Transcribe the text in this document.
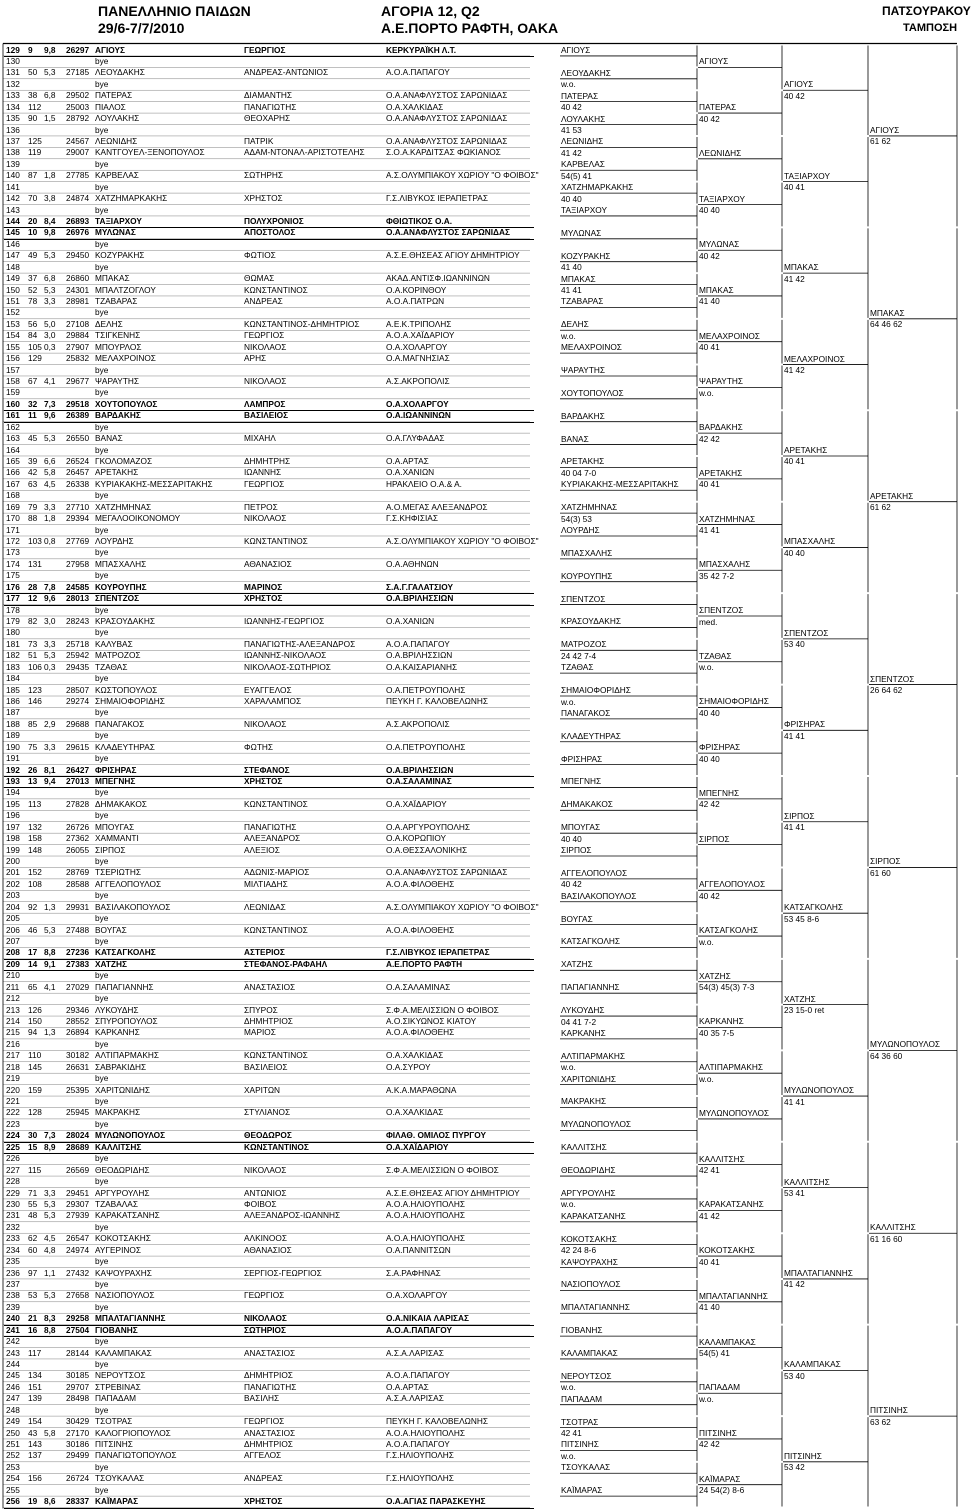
ΠΑΝΕΛΛΗΝΙΟ ΠΑΙΔΩΝ
29/6-7/7/2010
ΑΓΟΡΙΑ 12, Q2
Α.Ε.ΠΟΡΤΟ ΡΑΦΤΗ, ΟΑΚΑ
ΠΑΤΣΟΥΡΑΚΟΥ
ΤΑΜΠΟΣΗ
129 9	9,8	26297 ΑΓΙΟΥΣ	ΓΕΩΡΓΙΟΣ	ΚΕΡΚΥΡΑΪΚΗ Λ.Τ.
130	bye
131 50 5,3	27185 ΛΕΟΥΔΑΚΗΣ	ΑΝΔΡΕΑΣ-ΑΝΤΩΝΙΟΣ	Α.Ο.Α.ΠΑΠΑΓΟΥ
132	bye
133 38 6,8	29502 ΠΑΤΕΡΑΣ	ΔΙΑΜΑΝΤΗΣ	Ο.Α.ΑΝΑΦΛΥΣΤΟΣ ΣΑΡΩΝΙΔΑΣ
134 112	25003 ΠΙΑΛΟΣ	ΠΑΝΑΓΙΩΤΗΣ	Ο.Α.ΧΑΛΚΙΔΑΣ
135 90 1,5	28792 ΛΟΥΛΑΚΗΣ	ΘΕΟΧΑΡΗΣ	Ο.Α.ΑΝΑΦΛΥΣΤΟΣ ΣΑΡΩΝΙΔΑΣ
136	bye
137 125	24567 ΛΕΩΝΙΔΗΣ	ΠΑΤΡΙΚ	Ο.Α.ΑΝΑΦΛΥΣΤΟΣ ΣΑΡΩΝΙΔΑΣ
138 119	29007 ΚΑΝΤΓΟΥΕΛ-ΞΕΝΟΠΟΥΛΟΣ	ΑΔΑΜ-ΝΤΟΝΑΛ-ΑΡΙΣΤΟΤΕΛΗΣ	Σ.Ο.Α.ΚΑΡΔΙΤΣΑΣ ΦΩΚΙΑΝΟΣ
139	bye
140 87 1,8	27785 ΚΑΡΒΕΛΑΣ	ΣΩΤΗΡΗΣ	Α.Σ.ΟΛΥΜΠΙΑΚΟΥ ΧΩΡΙΟΥ "Ο ΦΟΙΒΟΣ"
141	bye
142 70 3,8	24874 ΧΑΤΖΗΜΑΡΚΑΚΗΣ	ΧΡΗΣΤΟΣ	Γ.Σ.ΛΙΒΥΚΟΣ ΙΕΡΑΠΕΤΡΑΣ
143	bye
144 20 8,4	26893 ΤΑΞΙΑΡΧΟΥ	ΠΟΛΥΧΡΟΝΙΟΣ	ΦΘΙΩΤΙΚΟΣ Ο.Α.
145 10 9,8	26976 ΜΥΛΩΝΑΣ	ΑΠΟΣΤΟΛΟΣ	Ο.Α.ΑΝΑΦΛΥΣΤΟΣ ΣΑΡΩΝΙΔΑΣ
146	bye
147 49 5,3	29450 ΚΟΖΥΡΑΚΗΣ	ΦΩΤΙΟΣ	Α.Σ.Ε.ΘΗΣΕΑΣ ΑΓΙΟΥ ΔΗΜΗΤΡΙΟΥ
148	bye
149 37 6,8	26860 ΜΠΑΚΑΣ	ΘΩΜΑΣ	ΑΚΑΔ.ΑΝΤΙΣΦ.ΙΩΑΝΝΙΝΩΝ
150 52 5,3	24301 ΜΠΑΛΤΖΟΓΛΟΥ	ΚΩΝΣΤΑΝΤΙΝΟΣ	Ο.Α.ΚΟΡΙΝΘΟΥ
151 78 3,3	28981 ΤΖΑΒΑΡΑΣ	ΑΝΔΡΕΑΣ	Α.Ο.Α.ΠΑΤΡΩΝ
152	bye
153 56 5,0	27108 ΔΕΛΗΣ	ΚΩΝΣΤΑΝΤΙΝΟΣ-ΔΗΜΗΤΡΙΟΣ	Α.Ε.Κ.ΤΡΙΠΟΛΗΣ
154 84 3,0	29884 ΤΣΙΓΚΕΝΗΣ	ΓΕΩΡΓΙΟΣ	Α.Ο.Α.ΧΑΪΔΑΡΙΟΥ
155 105 0,3	27907 ΜΠΟΥΡΛΟΣ	ΝΙΚΟΛΑΟΣ	Ο.Α.ΧΟΛΑΡΓΟΥ
156 129	25832 ΜΕΛΑΧΡΟΙΝΟΣ	ΑΡΗΣ	Ο.Α.ΜΑΓΝΗΣΙΑΣ
157	bye
158 67 4,1	29677 ΨΑΡΑΥΤΗΣ	ΝΙΚΟΛΑΟΣ	Α.Σ.ΑΚΡΟΠΟΛΙΣ
159	bye
160 32 7,3	29518 ΧΟΥΤΟΠΟΥΛΟΣ	ΛΑΜΠΡΟΣ	Ο.Α.ΧΟΛΑΡΓΟΥ
161 11 9,6	26389 ΒΑΡΔΑΚΗΣ	ΒΑΣΙΛΕΙΟΣ	Ο.Α.ΙΩΑΝΝΙΝΩΝ
162	bye
163 45 5,3	26550 ΒΑΝΑΣ	ΜΙΧΑΗΛ	Ο.Α.ΓΛΥΦΑΔΑΣ
164	bye
165 39 6,6	26524 ΓΚΟΛΟΜΑΖΟΣ	ΔΗΜΗΤΡΗΣ	Ο.Α.ΑΡΤΑΣ
166 42 5,8	26457 ΑΡΕΤΑΚΗΣ	ΙΩΑΝΝΗΣ	Ο.Α.ΧΑΝΙΩΝ
167 63 4,5	26338 ΚΥΡΙΑΚΑΚΗΣ-ΜΕΣΣΑΡΙΤΑΚΗΣ	ΓΕΩΡΓΙΟΣ	ΗΡΑΚΛΕΙΟ Ο.Α.& Α.
168	bye
169 79 3,3	27710 ΧΑΤΖΗΜΗΝΑΣ	ΠΕΤΡΟΣ	Α.Ο.ΜΕΓΑΣ ΑΛΕΞΑΝΔΡΟΣ
170 88 1,8	29394 ΜΕΓΑΛΟΟΙΚΟΝΟΜΟΥ	ΝΙΚΟΛΑΟΣ	Γ.Σ.ΚΗΦΙΣΙΑΣ
171	bye
172 103 0,8	27769 ΛΟΥΡΔΗΣ	ΚΩΝΣΤΑΝΤΙΝΟΣ	Α.Σ.ΟΛΥΜΠΙΑΚΟΥ ΧΩΡΙΟΥ "Ο ΦΟΙΒΟΣ"
173	bye
174 131	27958 ΜΠΑΣΧΑΛΗΣ	ΑΘΑΝΑΣΙΟΣ	Ο.Α.ΑΘΗΝΩΝ
175	bye
176 28 7,8	24585 ΚΟΥΡΟΥΠΗΣ	ΜΑΡΙΝΟΣ	Σ.Α.Γ.ΓΑΛΑΤΣΙΟΥ
177 12 9,6	28013 ΣΠΕΝΤΖΟΣ	ΧΡΗΣΤΟΣ	Ο.Α.ΒΡΙΛΗΣΣΙΩΝ
178	bye
179 82 3,0	28243 ΚΡΑΣΟΥΔΑΚΗΣ	ΙΩΑΝΝΗΣ-ΓΕΩΡΓΙΟΣ	Ο.Α.ΧΑΝΙΩΝ
180	bye
181 73 3,3	25718 ΚΑΛΥΒΑΣ	ΠΑΝΑΓΙΩΤΗΣ-ΑΛΕΞΑΝΔΡΟΣ	Α.Ο.Α.ΠΑΠΑΓΟΥ
182 51 5,3	25942 ΜΑΤΡΟΖΟΣ	ΙΩΑΝΝΗΣ-ΝΙΚΟΛΑΟΣ	Ο.Α.ΒΡΙΛΗΣΣΙΩΝ
183 106 0,3	29435 ΤΖΑΘΑΣ	ΝΙΚΟΛΑΟΣ-ΣΩΤΗΡΙΟΣ	Ο.Α.ΚΑΙΣΑΡΙΑΝΗΣ
184	bye
185 123	28507 ΚΩΣΤΟΠΟΥΛΟΣ	ΕΥΑΓΓΕΛΟΣ	Ο.Α.ΠΕΤΡΟΥΠΟΛΗΣ
186 146	29274 ΣΗΜΑΙΟΦΟΡΙΔΗΣ	ΧΑΡΑΛΑΜΠΟΣ	ΠΕΥΚΗ Γ. ΚΑΛΟΒΕΛΩΝΗΣ
187	bye
188 85 2,9	29688 ΠΑΝΑΓΑΚΟΣ	ΝΙΚΟΛΑΟΣ	Α.Σ.ΑΚΡΟΠΟΛΙΣ
189	bye
190 75 3,3	29615 ΚΛΑΔΕΥΤΗΡΑΣ	ΦΩΤΗΣ	Ο.Α.ΠΕΤΡΟΥΠΟΛΗΣ
191	bye
192 26 8,1	26427 ΦΡΙΣΗΡΑΣ	ΣΤΕΦΑΝΟΣ	Ο.Α.ΒΡΙΛΗΣΣΙΩΝ
193 13 9,4	27013 ΜΠΕΓΝΗΣ	ΧΡΗΣΤΟΣ	Ο.Α.ΣΑΛΑΜΙΝΑΣ
194	bye
195 113	27828 ΔΗΜΑΚΑΚΟΣ	ΚΩΝΣΤΑΝΤΙΝΟΣ	Ο.Α.ΧΑΪΔΑΡΙΟΥ
196	bye
197 132	26726 ΜΠΟΥΓΑΣ	ΠΑΝΑΓΙΩΤΗΣ	Ο.Α.ΑΡΓΥΡΟΥΠΟΛΗΣ
198 158	27362 ΧΑΜΜΑΝΤΙ	ΑΛΕΞΑΝΔΡΟΣ	Ο.Α.ΚΟΡΩΠΙΟΥ
199 148	26055 ΣΙΡΠΟΣ	ΑΛΕΞΙΟΣ	Ο.Α.ΘΕΣΣΑΛΟΝΙΚΗΣ
200	bye
201 152	28769 ΤΣΕΡΙΩΤΗΣ	ΑΔΩΝΙΣ-ΜΑΡΙΟΣ	Ο.Α.ΑΝΑΦΛΥΣΤΟΣ ΣΑΡΩΝΙΔΑΣ
202 108	28588 ΑΓΓΕΛΟΠΟΥΛΟΣ	ΜΙΛΤΙΑΔΗΣ	Α.Ο.Α.ΦΙΛΟΘΕΗΣ
203	bye
204 92 1,3	29931 ΒΑΣΙΛΑΚΟΠΟΥΛΟΣ	ΛΕΩΝΙΔΑΣ	Α.Σ.ΟΛΥΜΠΙΑΚΟΥ ΧΩΡΙΟΥ "Ο ΦΟΙΒΟΣ"
205	bye
206 46 5,3	27488 ΒΟΥΓΑΣ	ΚΩΝΣΤΑΝΤΙΝΟΣ	Α.Ο.Α.ΦΙΛΟΘΕΗΣ
207	bye
208 17 8,8	27236 ΚΑΤΣΑΓΚΟΛΗΣ	ΑΣΤΕΡΙΟΣ	Γ.Σ.ΛΙΒΥΚΟΣ ΙΕΡΑΠΕΤΡΑΣ
209 14 9,1	27383 ΧΑΤΖΗΣ	ΣΤΕΦΑΝΟΣ-ΡΑΦΑΗΛ	Α.Ε.ΠΟΡΤΟ ΡΑΦΤΗ
210	bye
211	65 4,1	27029 ΠΑΠΑΓΙΑΝΝΗΣ	ΑΝΑΣΤΑΣΙΟΣ	Ο.Α.ΣΑΛΑΜΙΝΑΣ
212	bye
213 126	29346 ΛΥΚΟΥΔΗΣ	ΣΠΥΡΟΣ	Σ.Φ.Α.ΜΕΛΙΣΣΙΩΝ Ο ΦΟΙΒΟΣ
214 150	28552 ΣΠΥΡΟΠΟΥΛΟΣ	ΔΗΜΗΤΡΙΟΣ	Α.Ο.ΣΙΚΥΩΝΟΣ ΚΙΑΤΟΥ
215 94 1,3	26894 ΚΑΡΚΑΝΗΣ	ΜΑΡΙΟΣ	Α.Ο.Α.ΦΙΛΟΘΕΗΣ
216	bye
217 110	30182 ΑΛΤΙΠΑΡΜΑΚΗΣ	ΚΩΝΣΤΑΝΤΙΝΟΣ	Ο.Α.ΧΑΛΚΙΔΑΣ
218 145	26631 ΣΑΒΡΑΚΙΔΗΣ	ΒΑΣΙΛΕΙΟΣ	Ο.Α.ΣΥΡΟΥ
219	bye
220 159	25395 ΧΑΡΙΤΩΝΙΔΗΣ	ΧΑΡΙΤΩΝ	Α.Κ.Α.ΜΑΡΑΘΩΝΑ
221	bye
222 128	25945 ΜΑΚΡΑΚΗΣ	ΣΤΥΛΙΑΝΟΣ	Ο.Α.ΧΑΛΚΙΔΑΣ
223	bye
224 30 7,3	28024 ΜΥΛΩΝΟΠΟΥΛΟΣ	ΘΕΟΔΩΡΟΣ	ΦΙΛΑΘ. ΟΜΙΛΟΣ ΠΥΡΓΟΥ
225 15 8,9	28689 ΚΑΛΛΙΤΣΗΣ	ΚΩΝΣΤΑΝΤΙΝΟΣ	Ο.Α.ΧΑΪΔΑΡΙΟΥ
226	bye
227 115	26569 ΘΕΟΔΩΡΙΔΗΣ	ΝΙΚΟΛΑΟΣ	Σ.Φ.Α.ΜΕΛΙΣΣΙΩΝ Ο ΦΟΙΒΟΣ
228	bye
229 71 3,3	29451 ΑΡΓΥΡΟΥΛΗΣ	ΑΝΤΩΝΙΟΣ	Α.Σ.Ε.ΘΗΣΕΑΣ ΑΓΙΟΥ ΔΗΜΗΤΡΙΟΥ
230 55 5,3	29307 ΤΖΑΒΑΛΑΣ	ΦΟΙΒΟΣ	Α.Ο.Α.ΗΛΙΟΥΠΟΛΗΣ
231 48 5,3	27939 ΚΑΡΑΚΑΤΣΑΝΗΣ	ΑΛΕΞΑΝΔΡΟΣ-ΙΩΑΝΝΗΣ	Α.Ο.Α.ΗΛΙΟΥΠΟΛΗΣ
232	bye
233 62 4,5	26547 ΚΟΚΟΤΣΑΚΗΣ	ΑΛΚΙΝΟΟΣ	Α.Ο.Α.ΗΛΙΟΥΠΟΛΗΣ
234 60 4,8	24974 ΑΥΓΕΡΙΝΟΣ	ΑΘΑΝΑΣΙΟΣ	Ο.Α.ΠΑΝΝΙΤΣΩΝ
235	bye
236 97 1,1	27432 ΚΑΨΟΥΡΑΧΗΣ	ΣΕΡΓΙΟΣ-ΓΕΩΡΓΙΟΣ	Σ.Α.ΡΑΦΗΝΑΣ
237	bye
238 53 5,3	27658 ΝΑΣΙΟΠΟΥΛΟΣ	ΓΕΩΡΓΙΟΣ	Ο.Α.ΧΟΛΑΡΓΟΥ
239	bye
240 21 8,3	29258 ΜΠΑΛΤΑΓΙΑΝΝΗΣ	ΝΙΚΟΛΑΟΣ	Ο.Α.ΝΙΚΑΙΑ ΛΑΡΙΣΑΣ
241 16 8,8	27504 ΓΙΟΒΑΝΗΣ	ΣΩΤΗΡΙΟΣ	Α.Ο.Α.ΠΑΠΑΓΟΥ
242	bye
243 117	28144 ΚΑΛΑΜΠΑΚΑΣ	ΑΝΑΣΤΑΣΙΟΣ	Α.Σ.Α.ΛΑΡΙΣΑΣ
244	bye
245 134	30185 ΝΕΡΟΥΤΣΟΣ	ΔΗΜΗΤΡΙΟΣ	Α.Ο.Α.ΠΑΠΑΓΟΥ
246 151	29707 ΣΤΡΕΒΙΝΑΣ	ΠΑΝΑΓΙΩΤΗΣ	Ο.Α.ΑΡΤΑΣ
247 139	28498 ΠΑΠΑΔΑΜ	ΒΑΣΙΛΗΣ	Α.Σ.Α.ΛΑΡΙΣΑΣ
248	bye
249 154	30429 ΤΣΟΤΡΑΣ	ΓΕΩΡΓΙΟΣ	ΠΕΥΚΗ Γ. ΚΑΛΟΒΕΛΩΝΗΣ
250 43 5,8	27170 ΚΑΛΟΓΡΙΟΠΟΥΛΟΣ	ΑΝΑΣΤΑΣΙΟΣ	Α.Ο.Α.ΗΛΙΟΥΠΟΛΗΣ
251 143	30186 ΠΙΤΣΙΝΗΣ	ΔΗΜΗΤΡΙΟΣ	Α.Ο.Α.ΠΑΠΑΓΟΥ
252 137	29499 ΠΑΝΑΓΙΩΤΟΠΟΥΛΟΣ	ΑΓΓΕΛΟΣ	Γ.Σ.ΗΛΙΟΥΠΟΛΗΣ
253	bye
254 156	26724 ΤΣΟΥΚΑΛΑΣ	ΑΝΔΡΕΑΣ	Γ.Σ.ΗΛΙΟΥΠΟΛΗΣ
255	bye
256 19 8,6	28337 ΚΑΪΜΑΡΑΣ	ΧΡΗΣΤΟΣ	Ο.Α.ΑΓΙΑΣ ΠΑΡΑΣΚΕΥΗΣ
ΑΓΙΟΥΣ
ΛΕΟΥΔΑΚΗΣ
w.o.
ΠΑΤΕΡΑΣ
40 42
ΛΟΥΛΑΚΗΣ
41 53
ΛΕΩΝΙΔΗΣ
41 42
ΚΑΡΒΕΛΑΣ
54(5) 41
ΧΑΤΖΗΜΑΡΚΑΚΗΣ
40 40
ΤΑΞΙΑΡΧΟΥ
ΜΥΛΩΝΑΣ
ΚΟΖΥΡΑΚΗΣ
41 40
ΜΠΑΚΑΣ
41 41
ΤΖΑΒΑΡΑΣ
ΔΕΛΗΣ
w.o.
ΜΕΛΑΧΡΟΙΝΟΣ
ΨΑΡΑΥΤΗΣ
ΧΟΥΤΟΠΟΥΛΟΣ
ΒΑΡΔΑΚΗΣ
ΒΑΝΑΣ
ΑΡΕΤΑΚΗΣ
40 04 7-0
ΚΥΡΙΑΚΑΚΗΣ-ΜΕΣΣΑΡΙΤΑΚΗΣ
ΧΑΤΖΗΜΗΝΑΣ
54(3) 53
ΛΟΥΡΔΗΣ
ΜΠΑΣΧΑΛΗΣ
ΚΟΥΡΟΥΠΗΣ
ΣΠΕΝΤΖΟΣ
ΚΡΑΣΟΥΔΑΚΗΣ
ΜΑΤΡΟΖΟΣ
24 42 7-4
ΤΖΑΘΑΣ
ΣΗΜΑΙΟΦΟΡΙΔΗΣ
w.o.
ΠΑΝΑΓΑΚΟΣ
ΚΛΑΔΕΥΤΗΡΑΣ
ΦΡΙΣΗΡΑΣ
ΜΠΕΓΝΗΣ
ΔΗΜΑΚΑΚΟΣ
ΜΠΟΥΓΑΣ
40 40
ΣΙΡΠΟΣ
ΑΓΓΕΛΟΠΟΥΛΟΣ
40 42
ΒΑΣΙΛΑΚΟΠΟΥΛΟΣ
ΒΟΥΓΑΣ
ΚΑΤΣΑΓΚΟΛΗΣ
ΧΑΤΖΗΣ
ΠΑΠΑΓΙΑΝΝΗΣ
ΛΥΚΟΥΔΗΣ
04 41 7-2
ΚΑΡΚΑΝΗΣ
ΑΛΤΙΠΑΡΜΑΚΗΣ
w.o.
ΧΑΡΙΤΩΝΙΔΗΣ
ΜΑΚΡΑΚΗΣ
ΜΥΛΩΝΟΠΟΥΛΟΣ
ΚΑΛΛΙΤΣΗΣ
ΘΕΟΔΩΡΙΔΗΣ
ΑΡΓΥΡΟΥΛΗΣ
w.o.
ΚΑΡΑΚΑΤΣΑΝΗΣ
ΚΟΚΟΤΣΑΚΗΣ
42 24 8-6
ΚΑΨΟΥΡΑΧΗΣ
ΝΑΣΙΟΠΟΥΛΟΣ
ΜΠΑΛΤΑΓΙΑΝΝΗΣ
ΓΙΟΒΑΝΗΣ
ΚΑΛΑΜΠΑΚΑΣ
ΝΕΡΟΥΤΣΟΣ
w.o.
ΠΑΠΑΔΑΜ
ΤΣΟΤΡΑΣ
42 41
ΠΙΤΣΙΝΗΣ
w.o.
ΤΣΟΥΚΑΛΑΣ
ΚΑΪΜΑΡΑΣ
ΑΓΙΟΥΣ
ΠΑΤΕΡΑΣ
40 42
ΛΕΩΝΙΔΗΣ
ΤΑΞΙΑΡΧΟΥ
40 40
ΜΥΛΩΝΑΣ
40 42
ΜΠΑΚΑΣ
41 40
ΜΕΛΑΧΡΟΙΝΟΣ
40 41
ΨΑΡΑΥΤΗΣ
w.o.
ΒΑΡΔΑΚΗΣ
42 42
ΑΡΕΤΑΚΗΣ
40 41
ΧΑΤΖΗΜΗΝΑΣ
41 41
ΜΠΑΣΧΑΛΗΣ
35 42 7-2
ΣΠΕΝΤΖΟΣ
med.
ΤΖΑΘΑΣ
w.o.
ΣΗΜΑΙΟΦΟΡΙΔΗΣ
40 40
ΦΡΙΣΗΡΑΣ
40 40
ΜΠΕΓΝΗΣ
42 42
ΣΙΡΠΟΣ
ΑΓΓΕΛΟΠΟΥΛΟΣ
40 42
ΚΑΤΣΑΓΚΟΛΗΣ
w.o.
ΧΑΤΖΗΣ
54(3) 45(3) 7-3
ΚΑΡΚΑΝΗΣ
40 35 7-5
ΑΛΤΙΠΑΡΜΑΚΗΣ
w.o.
ΜΥΛΩΝΟΠΟΥΛΟΣ
ΚΑΛΛΙΤΣΗΣ
42 41
ΚΑΡΑΚΑΤΣΑΝΗΣ
41 42
ΚΟΚΟΤΣΑΚΗΣ
40 41
ΜΠΑΛΤΑΓΙΑΝΝΗΣ
41 40
ΚΑΛΑΜΠΑΚΑΣ
54(5) 41
ΠΑΠΑΔΑΜ
w.o.
ΠΙΤΣΙΝΗΣ
42 42
ΚΑΪΜΑΡΑΣ
24 54(2) 8-6
ΑΓΙΟΥΣ
40 42
ΤΑΞΙΑΡΧΟΥ
40 41
ΜΠΑΚΑΣ
41 42
ΜΕΛΑΧΡΟΙΝΟΣ
41 42
ΑΡΕΤΑΚΗΣ
40 41
ΜΠΑΣΧΑΛΗΣ
40 40
ΣΠΕΝΤΖΟΣ
53 40
ΦΡΙΣΗΡΑΣ
41 41
ΣΙΡΠΟΣ
41 41
ΚΑΤΣΑΓΚΟΛΗΣ
53 45 8-6
ΧΑΤΖΗΣ
23 15-0 ret
ΜΥΛΩΝΟΠΟΥΛΟΣ
41 41
ΚΑΛΛΙΤΣΗΣ
53 41
ΜΠΑΛΤΑΓΙΑΝΝΗΣ
41 42
ΚΑΛΑΜΠΑΚΑΣ
53 40
ΠΙΤΣΙΝΗΣ
53 42
ΑΓΙΟΥΣ
61 62
ΜΠΑΚΑΣ
64 46 62
ΑΡΕΤΑΚΗΣ
61 62
ΣΠΕΝΤΖΟΣ
26 64 62
ΣΙΡΠΟΣ
61 60
ΜΥΛΩΝΟΠΟΥΛΟΣ
64 36 60
ΚΑΛΛΙΤΣΗΣ
61 16 60
ΠΙΤΣΙΝΗΣ
63 62
